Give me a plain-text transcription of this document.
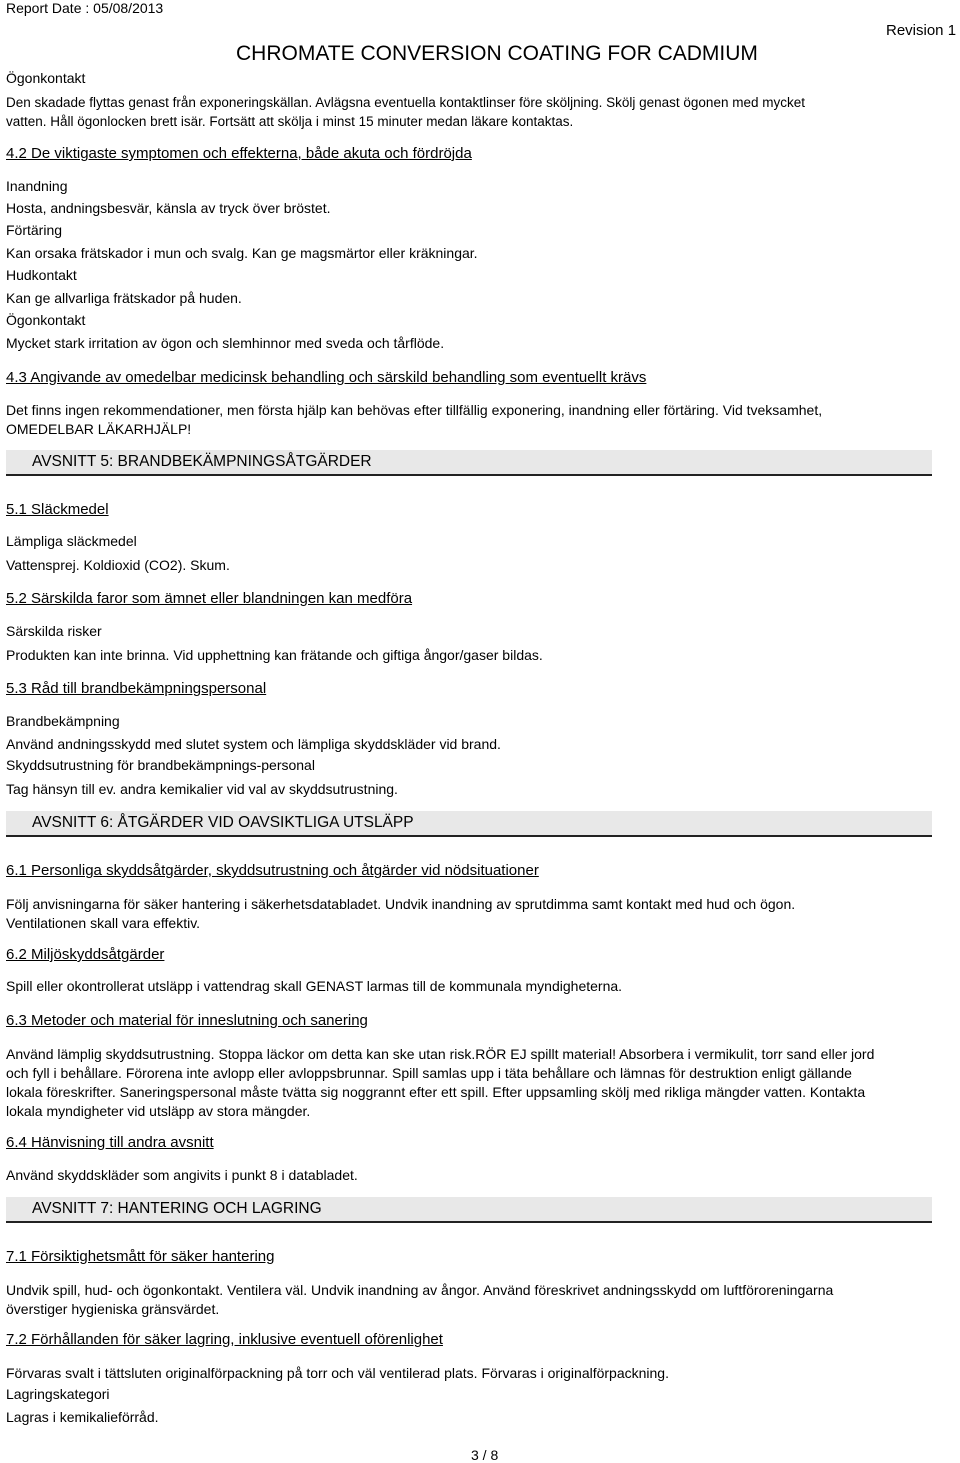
Report Date : 05/08/2013
CHROMATE CONVERSION COATING FOR CADMIUM
Revision 1
Ögonkontakt
Den skadade flyttas genast från exponeringskällan. Avlägsna eventuella kontaktlinser före sköljning. Skölj genast ögonen med mycket
vatten. Håll ögonlocken brett isär. Fortsätt att skölja i minst 15 minuter medan läkare kontaktas.
4.2 De viktigaste symptomen och effekterna, både akuta och fördröjda
Inandning
Hosta, andningsbesvär, känsla av tryck över bröstet.
Förtäring
Kan orsaka frätskador i mun och svalg. Kan ge magsmärtor eller kräkningar.
Hudkontakt
Kan ge allvarliga frätskador på huden.
Ögonkontakt
Mycket stark irritation av ögon och slemhinnor med sveda och tårflöde.
4.3 Angivande av omedelbar medicinsk behandling och särskild behandling som eventuellt krävs
Det finns ingen rekommendationer, men första hjälp kan behövas efter tillfällig exponering, inandning eller förtäring. Vid tveksamhet, OMEDELBAR LÄKARHJÄLP!
AVSNITT 5: BRANDBEKÄMPNINGSÅTGÄRDER
5.1 Släckmedel
Lämpliga släckmedel
Vattensprej. Koldioxid (CO2). Skum.
5.2 Särskilda faror som ämnet eller blandningen kan medföra
Särskilda risker
Produkten kan inte brinna. Vid upphettning kan frätande och giftiga ångor/gaser bildas.
5.3 Råd till brandbekämpningspersonal
Brandbekämpning
Använd andningsskydd med slutet system och lämpliga skyddskläder vid brand.
Skyddsutrustning för brandbekämpnings-personal
Tag hänsyn till ev. andra kemikalier vid val av skyddsutrustning.
AVSNITT 6: ÅTGÄRDER VID OAVSIKTLIGA UTSLÄPP
6.1 Personliga skyddsåtgärder, skyddsutrustning och åtgärder vid nödsituationer
Följ anvisningarna för säker hantering i säkerhetsdatabladet. Undvik inandning av sprutdimma samt kontakt med hud och ögon. Ventilationen skall vara effektiv.
6.2 Miljöskyddsåtgärder
Spill eller okontrollerat utsläpp i vattendrag skall GENAST larmas till de kommunala myndigheterna.
6.3 Metoder och material för inneslutning och sanering
Använd lämplig skyddsutrustning. Stoppa läckor om detta kan ske utan risk.RÖR EJ spillt material! Absorbera i vermikulit, torr sand eller jord och fyll i behållare. Förorena inte avlopp eller avloppsbrunnar. Spill samlas upp i täta behållare och lämnas för destruktion enligt gällande lokala föreskrifter. Saneringspersonal måste tvätta sig noggrannt efter ett spill. Efter uppsamling skölj med rikliga mängder vatten. Kontakta lokala myndigheter vid utsläpp av stora mängder.
6.4 Hänvisning till andra avsnitt
Använd skyddskläder som angivits i punkt 8 i databladet.
AVSNITT 7: HANTERING OCH LAGRING
7.1 Försiktighetsmått för säker hantering
Undvik spill, hud- och ögonkontakt. Ventilera väl. Undvik inandning av ångor. Använd föreskrivet andningsskydd om luftföroreningarna överstiger hygieniska gränsvärdet.
7.2 Förhållanden för säker lagring, inklusive eventuell oförenlighet
Förvaras svalt i tättsluten originalförpackning på torr och väl ventilerad plats. Förvaras i originalförpackning.
Lagringskategori
Lagras i kemikalieförråd.
3 / 8
